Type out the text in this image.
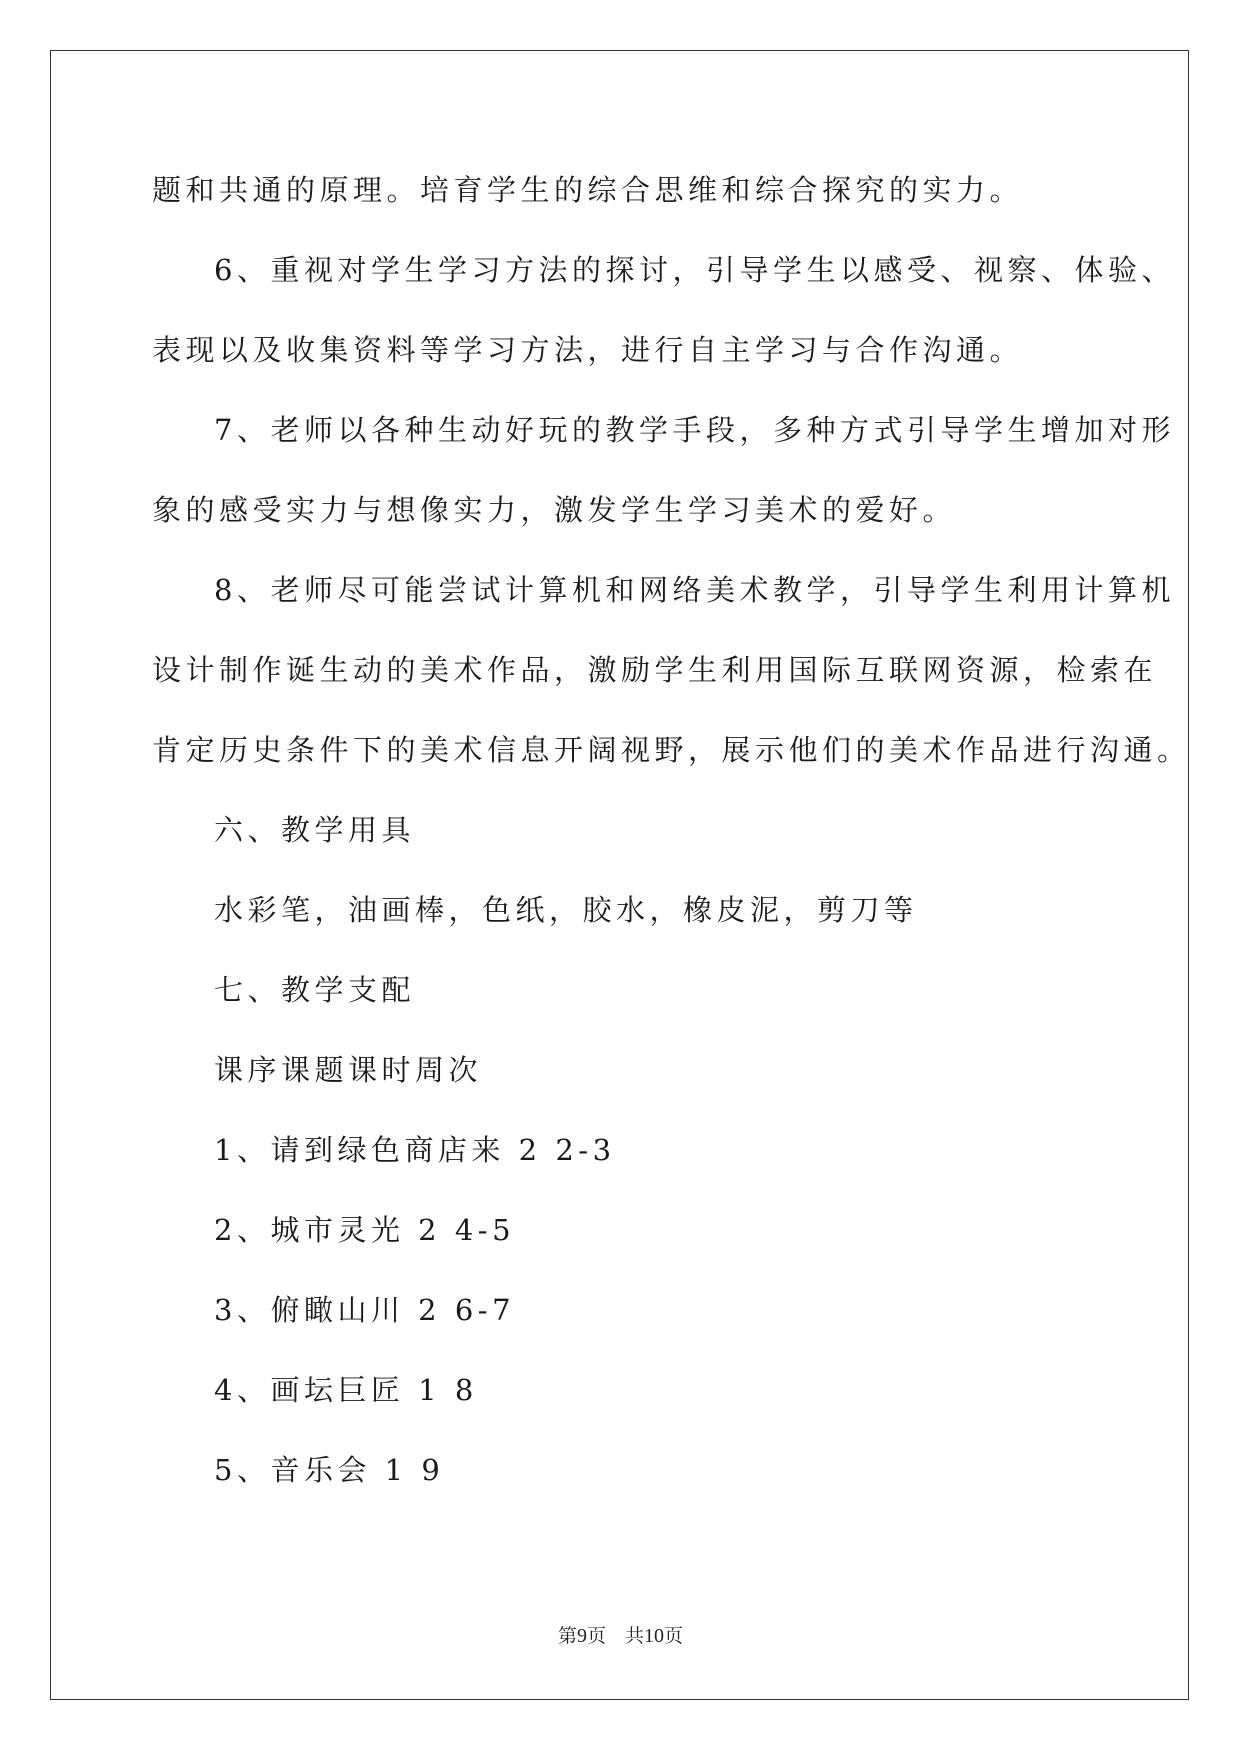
题和共通的原理。培育学生的综合思维和综合探究的实力。
6、重视对学生学习方法的探讨，引导学生以感受、视察、体验、
表现以及收集资料等学习方法，进行自主学习与合作沟通。
7、老师以各种生动好玩的教学手段，多种方式引导学生增加对形
象的感受实力与想像实力，激发学生学习美术的爱好。
8、老师尽可能尝试计算机和网络美术教学，引导学生利用计算机
设计制作诞生动的美术作品，激励学生利用国际互联网资源，检索在
肯定历史条件下的美术信息开阔视野，展示他们的美术作品进行沟通。
六、教学用具
水彩笔，油画棒，色纸，胶水，橡皮泥，剪刀等
七、教学支配
课序课题课时周次
1、请到绿色商店来 2 2-3
2、城市灵光 2 4-5
3、俯瞰山川 2 6-7
4、画坛巨匠 1 8
5、音乐会 1 9
第9页　共10页
